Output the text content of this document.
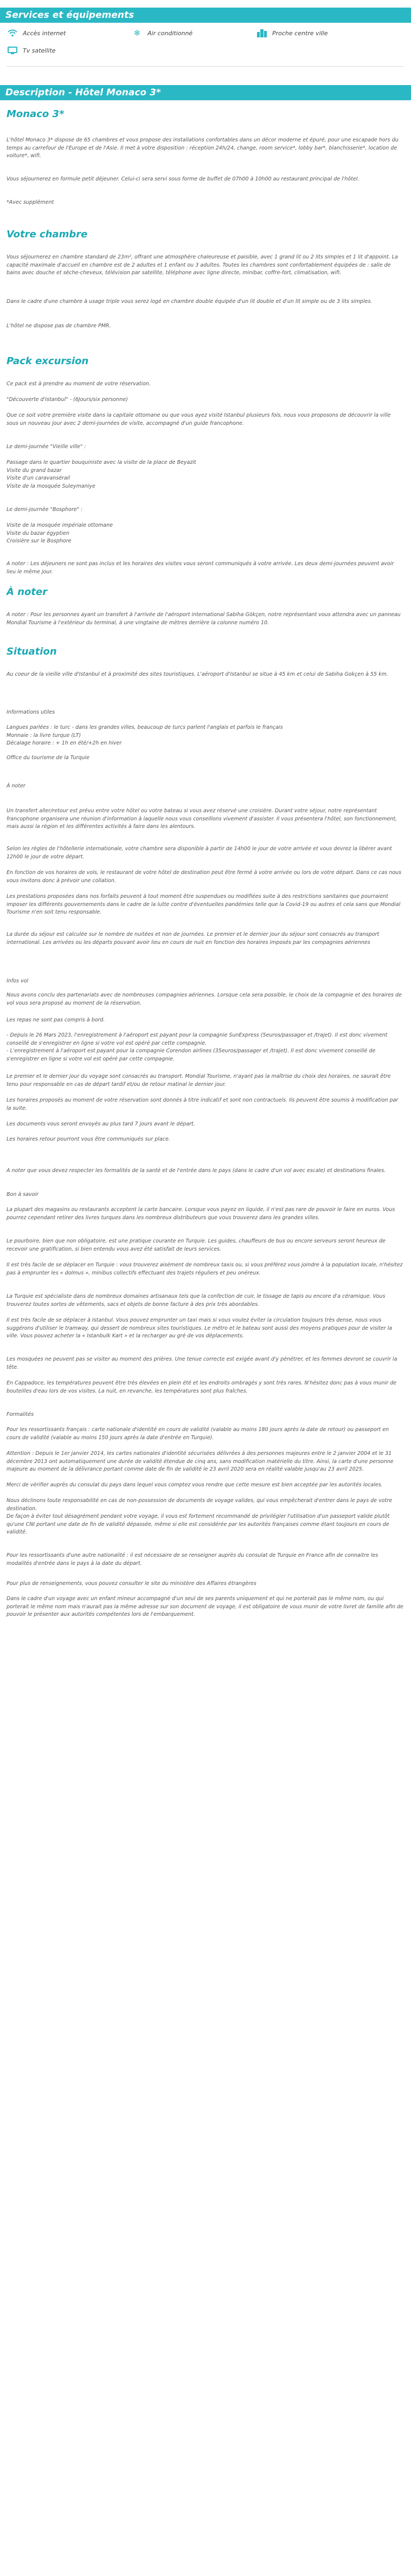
Services et équipements
Accès internet	❄	Air conditionné	Proche centre ville
Tv satellite
Description - Hôtel Monaco 3*
Monaco 3*

L'hôtel Monaco 3* dispose de 65 chambres et vous propose des installations confortables dans un décor moderne et épuré, pour une escapade hors du temps au carrefour de l'Europe et de l'Asie. Il met à votre disposition : réception 24h/24, change, room service*, lobby bar*, blanchisserie*, location de voiture*, wifi.

Vous séjournerez en formule petit déjeuner. Celui-ci sera servi sous forme de buffet de 07h00 à 10h00 au restaurant principal de l'hôtel.

*Avec supplément

Votre chambre

Vous séjournerez en chambre standard de 23m², offrant une atmosphère chaleureuse et paisible, avec 1 grand lit ou 2 lits simples et 1 lit d'appoint. La capacité maximale d'accueil en chambre est de 2 adultes et 1 enfant ou 3 adultes. Toutes les chambres sont confortablement équipées de : salle de bains avec douche et sèche-cheveux, télévision par satellite, téléphone avec ligne directe, minibar, coffre-fort, climatisation, wifi.

Dans le cadre d'une chambre à usage triple vous serez logé en chambre double équipée d'un lit double et d'un lit simple ou de 3 lits simples.

L'hôtel ne dispose pas de chambre PMR.

Pack excursion

Ce pack est à prendre au moment de votre réservation.

"Découverte d'Istanbul" - (6Jours/six personne)

Que ce soit votre première visite dans la capitale ottomane ou que vous ayez visité Istanbul plusieurs fois, nous vous proposons de découvrir la ville sous un nouveau jour avec 2 demi-journées de visite, accompagné d'un guide francophone.

Le demi-journée "Vieille ville" :

Passage dans le quartier bouquiniste avec la visite de la place de Beyazit

Visite du grand bazar

Visite d'un caravansérail

Visite de la mosquée Suleymaniye

Le demi-journée "Bosphore" :

Visite de la mosquée impériale ottomane

Visite du bazar égyptien

Croisière sur le Bosphore

A noter : Les déjeuners ne sont pas inclus et les horaires des visites vous seront communiqués à votre arrivée. Les deux demi-journées peuvent avoir lieu le même jour.

À noter

A noter : Pour les personnes ayant un transfert à l'arrivée de l'aéroport international Sabiha Gökçen, notre représentant vous attendra avec un panneau Mondial Tourisme à l'extérieur du terminal, à une vingtaine de mètres derrière la colonne numéro 10.

Situation

Au coeur de la vieille ville d'Istanbul et à proximité des sites touristiques. L'aéroport d'Istanbul se situe à 45 km et celui de Sabiha Gokçen à 55 km.

Informations utiles

Langues parlées : le turc - dans les grandes villes, beaucoup de turcs parlent l'anglais et parfois le français

Monnaie : la livre turque (LT)

Décalage horaire : + 1h en été/+2h en hiver

Office du tourisme de la Turquie

À noter

Un transfert aller/retour est prévu entre votre hôtel ou votre bateau si vous avez réservé une croisière. Durant votre séjour, notre représentant francophone organisera une réunion d'information à laquelle nous vous conseillons vivement d'assister. Il vous présentera l'hôtel, son fonctionnement, mais aussi la région et les différentes activités à faire dans les alentours.

Selon les règles de l'hôtellerie internationale, votre chambre sera disponible à partir de 14h00 le jour de votre arrivée et vous devrez la libérer avant 12h00 le jour de votre départ.

En fonction de vos horaires de vols, le restaurant de votre hôtel de destination peut être fermé à votre arrivée ou lors de votre départ. Dans ce cas nous vous invitons donc à prévoir une collation.

Les prestations proposées dans nos forfaits peuvent à tout moment être suspendues ou modifiées suite à des restrictions sanitaires que pourraient imposer les différents gouvernements dans le cadre de la lutte contre d'éventuelles pandémies telle que la Covid-19 ou autres et cela sans que Mondial Tourisme n'en soit tenu responsable.

La durée du séjour est calculée sur le nombre de nuitées et non de journées. Le premier et le dernier jour du séjour sont consacrés au transport international. Les arrivées ou les départs pouvant avoir lieu en cours de nuit en fonction des horaires imposés par les compagnies aériennes

Infos vol

Nous avons conclu des partenariats avec de nombreuses compagnies aériennes. Lorsque cela sera possible, le choix de la compagnie et des horaires de vol vous sera proposé au moment de la réservation.

Les repas ne sont pas compris à bord.

- Depuis le 26 Mars 2023, l'enregistrement à l'aéroport est payant pour la compagnie SunExpress (5euros/passager et /trajet). Il est donc vivement conseillé de s'enregistrer en ligne si votre vol est opéré par cette compagnie.

- L'enregistrement à l'aéroport est payant pour la compagnie Corendon airlines (35euros/passager et /trajet). Il est donc vivement conseillé de s'enregistrer en ligne si votre vol est opéré par cette compagnie.

Le premier et le dernier jour du voyage sont consacrés au transport. Mondial Tourisme, n'ayant pas la maîtrise du choix des horaires, ne saurait être tenu pour responsable en cas de départ tardif et/ou de retour matinal le dernier jour.

Les horaires proposés au moment de votre réservation sont donnés à titre indicatif et sont non contractuels. Ils peuvent être soumis à modification par la suite.

Les documents vous seront envoyés au plus tard 7 jours avant le départ.

Les horaires retour pourront vous être communiqués sur place.

A noter que vous devez respecter les formalités de la santé et de l'entrée dans le pays (dans le cadre d'un vol avec escale) et destinations finales.

Bon à savoir

La plupart des magasins ou restaurants acceptent la carte bancaire. Lorsque vous payez en liquide, il n'est pas rare de pouvoir le faire en euros. Vous pourrez cependant retirer des livres turques dans les nombreux distributeurs que vous trouverez dans les grandes villes.

Le pourboire, bien que non obligatoire, est une pratique courante en Turquie. Les guides, chauffeurs de bus ou encore serveurs seront heureux de recevoir une gratification, si bien entendu vous avez été satisfait de leurs services.

Il est très facile de se déplacer en Turquie : vous trouverez aisément de nombreux taxis ou, si vous préférez vous joindre à la population locale, n'hésitez pas à emprunter les « dolmus », minibus collectifs effectuant des trajets réguliers et peu onéreux.

La Turquie est spécialiste dans de nombreux domaines artisanaux tels que la confection de cuir, le tissage de tapis ou encore d'a céramique. Vous trouverez toutes sortes de vêtements, sacs et objets de bonne facture à des prix très abordables.

Il est très facile de se déplacer à Istanbul. Vous pouvez emprunter un taxi mais si vous voulez éviter la circulation toujours très dense, nous vous suggérons d'utiliser le tramway, qui dessert de nombreux sites touristiques. Le métro et le bateau sont aussi des moyens pratiques pour de visiter la ville. Vous pouvez acheter la « Istanbulk Kart » et la recharger au gré de vos déplacements.

Les mosquées ne peuvent pas se visiter au moment des prières. Une tenue correcte est exigée avant d'y pénétrer, et les femmes devront se couvrir la tête.

En Cappadoce, les températures peuvent être très élevées en plein été et les endroits ombragés y sont très rares. N'hésitez donc pas à vous munir de bouteilles d'eau lors de vos visites. La nuit, en revanche, les températures sont plus fraîches.

Formalités

Pour les ressortissants français : carte nationale d'identité en cours de validité (valable au moins 180 jours après la date de retour) ou passeport en cours de validité (valable au moins 150 jours après la date d'entrée en Turquie).

Attention : Depuis le 1er janvier 2014, les cartes nationales d'identité sécurisées délivrées à des personnes majeures entre le 2 janvier 2004 et le 31 décembre 2013 ont automatiquement une durée de validité étendue de cinq ans, sans modification matérielle du titre. Ainsi, la carte d'une personne majeure au moment de la délivrance portant comme date de fin de validité le 23 avril 2020 sera en réalité valable jusqu'au 23 avril 2025.

Merci de vérifier auprès du consulat du pays dans lequel vous comptez vous rendre que cette mesure est bien acceptée par les autorités locales.

Nous déclinons toute responsabilité en cas de non-possession de documents de voyage valides, qui vous empêcherait d'entrer dans le pays de votre destination.

De façon à éviter tout désagrément pendant votre voyage, il vous est fortement recommandé de privilégier l'utilisation d'un passeport valide plutôt qu'une CNI portant une date de fin de validité dépassée, même si elle est considérée par les autorités françaises comme étant toujours en cours de validité.

Pour les ressortissants d'une autre nationalité : il est nécessaire de se renseigner auprès du consulat de Turquie en France afin de connaitre les modalités d'entrée dans le pays à la date du départ.

Pour plus de renseignements, vous pouvez consulter le site du ministère des Affaires étrangères

Dans le cadre d'un voyage avec un enfant mineur accompagné d'un seul de ses parents uniquement et qui ne porterait pas le même nom, ou qui porterait le même nom mais n'aurait pas la même adresse sur son document de voyage, il est obligatoire de vous munir de votre livret de famille afin de pouvoir le présenter aux autorités compétentes lors de l'embarquement.
